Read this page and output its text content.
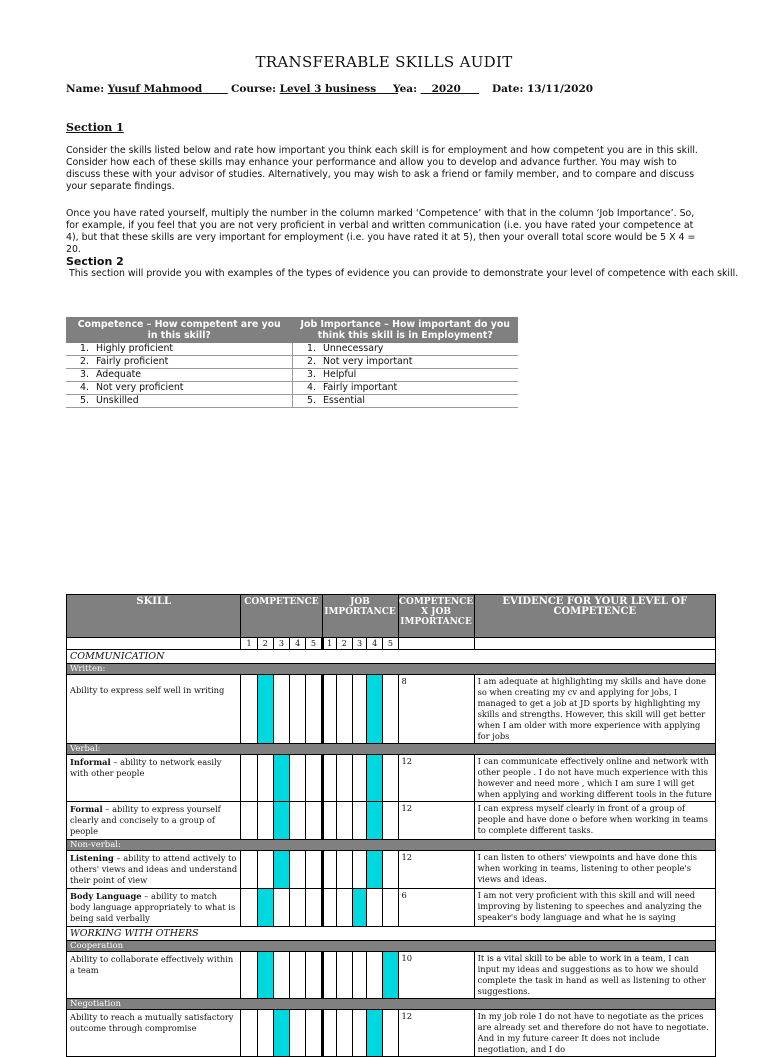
TRANSFERABLE SKILLS AUDIT
Name: Yusuf Mahmood	Course: Level 3 business	Yea: 2020	Date: 13/11/2020
Section 1
Consider the skills listed below and rate how important you think each skill is for employment and how competent you are in this skill. Consider how each of these skills may enhance your performance and allow you to develop and advance further. You may wish to discuss these with your advisor of studies. Alternatively, you may wish to ask a friend or family member, and to compare and discuss your separate findings.
Once you have rated yourself, multiply the number in the column marked ‘Competence’ with that in the column ‘Job Importance’. So, for example, if you feel that you are not very proficient in verbal and written communication (i.e. you have rated your competence at 4), but that these skills are very important for employment (i.e. you have rated it at 5), then your overall total score would be 5 X 4 = 20.
Section 2
This section will provide you with examples of the types of evidence you can provide to demonstrate your level of competence with each skill.
Competence – How competent are you in this skill?	Job Importance – How important do you think this skill is in Employment?
1. Highly proficient	1. Unnecessary
2. Fairly proficient	2. Not very important
3. Adequate	3. Helpful
4. Not very proficient	4. Fairly important
5. Unskilled	5. Essential
SKILL	COMPETENCE					JOB IMPORTANCE					COMPETENCE X JOB IMPORTANCE	EVIDENCE FOR YOUR LEVEL OF COMPETENCE
	1	2	3	4	5	1	2	3	4	5		
COMMUNICATION												
Written:												
Ability to express self well in writing											8	I am adequate at highlighting my skills and have done so when creating my cv and applying for jobs, I managed to get a job at JD sports by highlighting my skills and strengths. However, this skill will get better when I am older with more experience with applying for jobs
Verbal:												
Informal – ability to network easily with other people											12	I can communicate effectively online and network with other people . I do not have much experience with this however and need more , which I am sure I will get when applying and working different tools in the future
Formal – ability to express yourself clearly and concisely to a group of people											12	I can express myself clearly in front of a group of people and have done o before when working in teams to complete different tasks.
Non-verbal:												
Listening – ability to attend actively to others' views and ideas and understand their point of view											12	I can listen to others' viewpoints and have done this when working in teams, listening to other people's views and ideas.
Body Language – ability to match body language appropriately to what is being said verbally											6	I am not very proficient with this skill and will need improving by listening to speeches and analyzing the speaker's body language and what he is saying
WORKING WITH OTHERS												
Cooperation												
Ability to collaborate effectively within a team											10	It is a vital skill to be able to work in a team, I can input my ideas and suggestions as to how we should complete the task in hand as well as listening to other suggestions.
Negotiation												
Ability to reach a mutually satisfactory outcome through compromise											12	In my job role I do not have to negotiate as the prices are already set and therefore do not have to negotiate. And in my future career It does not include negotiation, and I do
